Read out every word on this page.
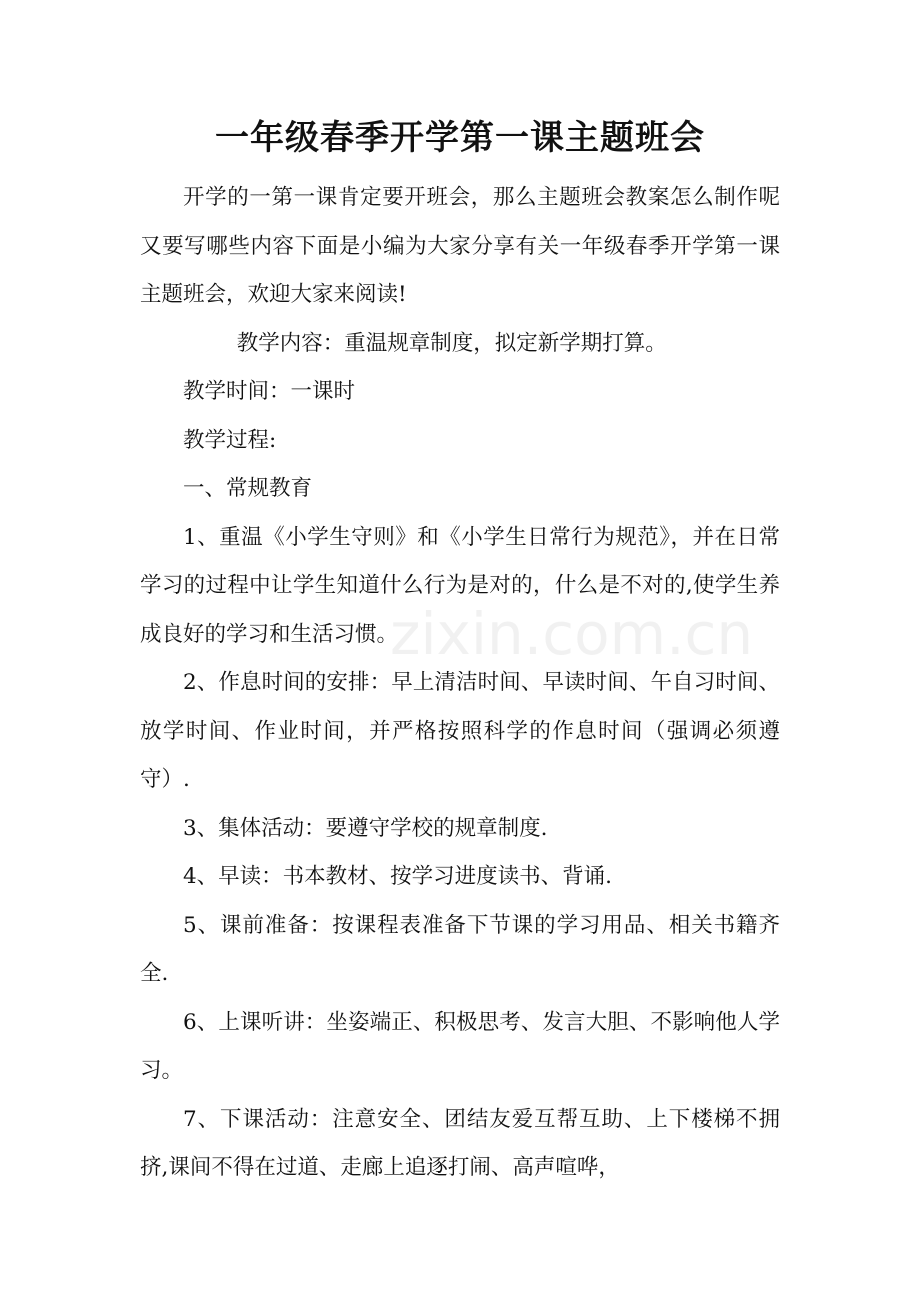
一年级春季开学第一课主题班会

开学的一第一课肯定要开班会，那么主题班会教案怎么制作呢又要写哪些内容下面是小编为大家分享有关一年级春季开学第一课主题班会，欢迎大家来阅读!

教学内容：重温规章制度，拟定新学期打算。

教学时间：一课时

教学过程:

一、常规教育

1、重温《小学生守则》和《小学生日常行为规范》，并在日常学习的过程中让学生知道什么行为是对的，什么是不对的,使学生养成良好的学习和生活习惯。

2、作息时间的安排：早上清洁时间、早读时间、午自习时间、放学时间、作业时间，并严格按照科学的作息时间（强调必须遵守）.

3、集体活动：要遵守学校的规章制度.

4、早读：书本教材、按学习进度读书、背诵.

5、课前准备：按课程表准备下节课的学习用品、相关书籍齐全.

6、上课听讲：坐姿端正、积极思考、发言大胆、不影响他人学习。

7、下课活动：注意安全、团结友爱互帮互助、上下楼梯不拥挤,课间不得在过道、走廊上追逐打闹、高声喧哗，

zixin.com.cn
